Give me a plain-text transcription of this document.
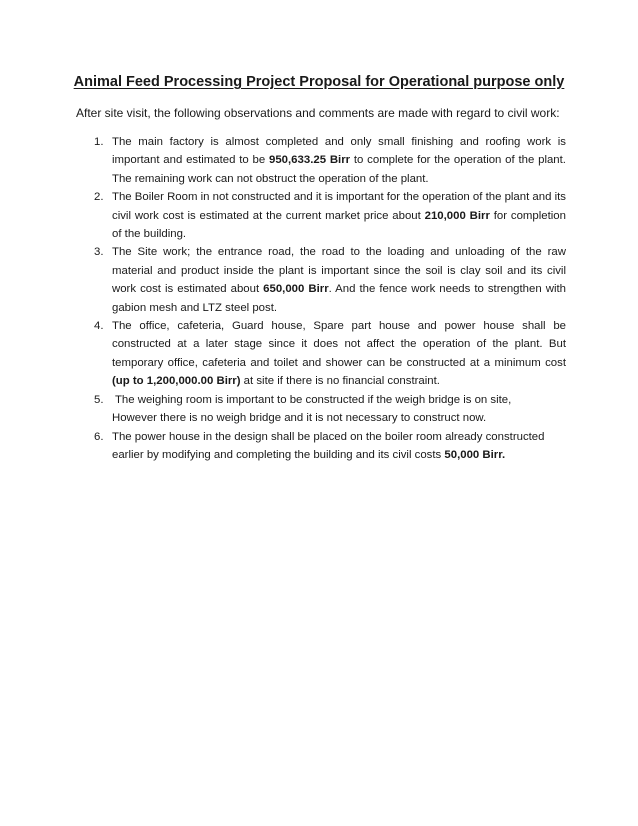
Animal Feed Processing Project Proposal for Operational purpose only
After site visit, the following observations and comments are made with regard to civil work:
1. The main factory is almost completed and only small finishing and roofing work is important and estimated to be 950,633.25 Birr to complete for the operation of the plant. The remaining work can not obstruct the operation of the plant.
2. The Boiler Room in not constructed and it is important for the operation of the plant and its civil work cost is estimated at the current market price about 210,000 Birr for completion of the building.
3. The Site work; the entrance road, the road to the loading and unloading of the raw material and product inside the plant is important since the soil is clay soil and its civil work cost is estimated about 650,000 Birr. And the fence work needs to strengthen with gabion mesh and LTZ steel post.
4. The office, cafeteria, Guard house, Spare part house and power house shall be constructed at a later stage since it does not affect the operation of the plant. But temporary office, cafeteria and toilet and shower can be constructed at a minimum cost (up to 1,200,000.00 Birr) at site if there is no financial constraint.
5. The weighing room is important to be constructed if the weigh bridge is on site,
However there is no weigh bridge and it is not necessary to construct now.
6. The power house in the design shall be placed on the boiler room already constructed earlier by modifying and completing the building and its civil costs 50,000 Birr.
